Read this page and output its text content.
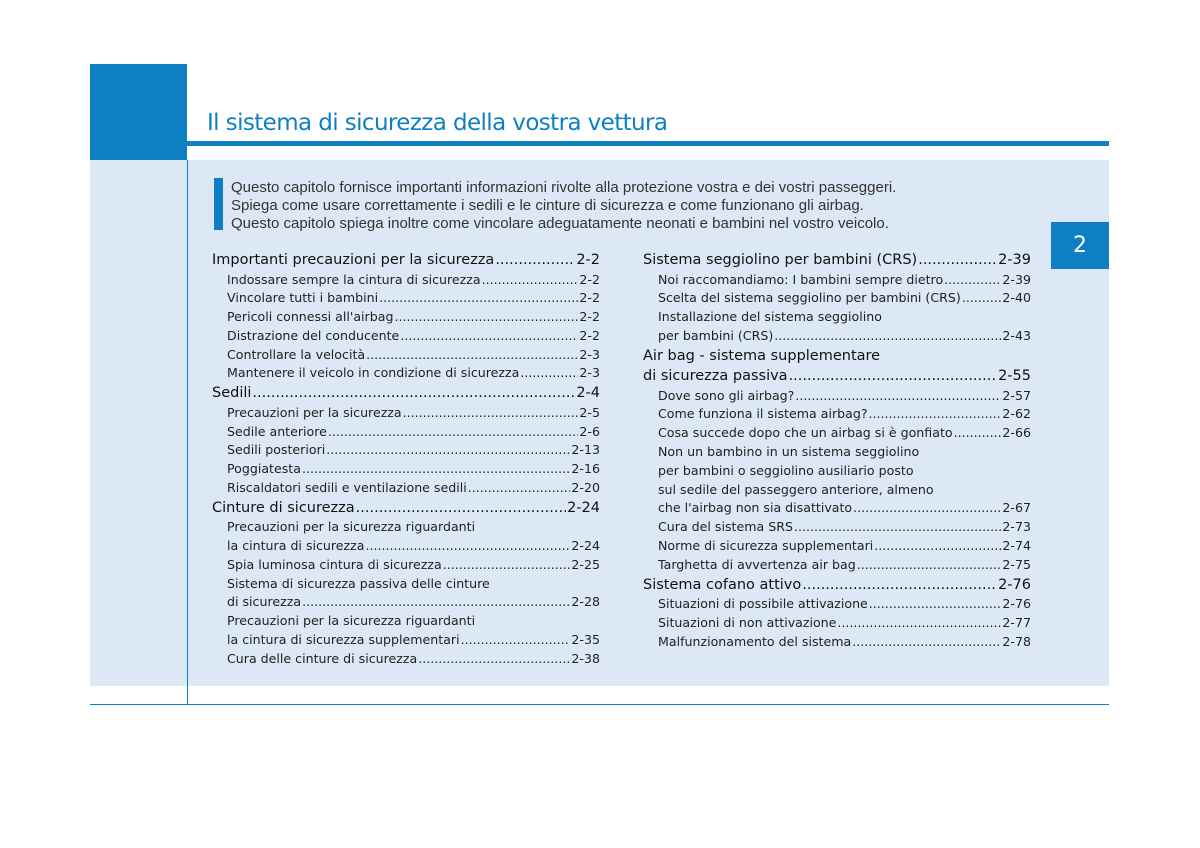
Il sistema di sicurezza della vostra vettura
2

Questo capitolo fornisce importanti informazioni rivolte alla protezione vostra e dei vostri passeggeri.

Spiega come usare correttamente i sedili e le cinture di sicurezza e come funzionano gli airbag.

Questo capitolo spiega inoltre come vincolare adeguatamente neonati e bambini nel vostro veicolo.

Importanti precauzioni per la sicurezza .....	2-2
Indossare sempre la cintura di sicurezza .....	2-2
Vincolare tutti i bambini .....	2-2
Pericoli connessi all'airbag .....	2-2
Distrazione del conducente .....	2-2
Controllare la velocità .....	2-3
Mantenere il veicolo in condizione di sicurezza .....	2-3
Sedili .....	2-4
Precauzioni per la sicurezza .....	2-5
Sedile anteriore .....	2-6
Sedili posteriori .....	2-13
Poggiatesta .....	2-16
Riscaldatori sedili e ventilazione sedili .....	2-20
Cinture di sicurezza .....	2-24
Precauzioni per la sicurezza riguardanti
la cintura di sicurezza .....	2-24
Spia luminosa cintura di sicurezza .....	2-25
Sistema di sicurezza passiva delle cinture
di sicurezza .....	2-28
Precauzioni per la sicurezza riguardanti
la cintura di sicurezza supplementari .....	2-35
Cura delle cinture di sicurezza .....	2-38
Sistema seggiolino per bambini (CRS) .....	2-39
Noi raccomandiamo: I bambini sempre dietro .....	2-39
Scelta del sistema seggiolino per bambini (CRS) .....	2-40
Installazione del sistema seggiolino
per bambini (CRS) .....	2-43
Air bag - sistema supplementare
di sicurezza passiva .....	2-55
Dove sono gli airbag? .....	2-57
Come funziona il sistema airbag? .....	2-62
Cosa succede dopo che un airbag si è gonfiato .....	2-66
Non un bambino in un sistema seggiolino
per bambini o seggiolino ausiliario posto
sul sedile del passeggero anteriore, almeno
che l'airbag non sia disattivato .....	2-67
Cura del sistema SRS .....	2-73
Norme di sicurezza supplementari .....	2-74
Targhetta di avvertenza air bag .....	2-75
Sistema cofano attivo .....	2-76
Situazioni di possibile attivazione .....	2-76
Situazioni di non attivazione .....	2-77
Malfunzionamento del sistema .....	2-78
